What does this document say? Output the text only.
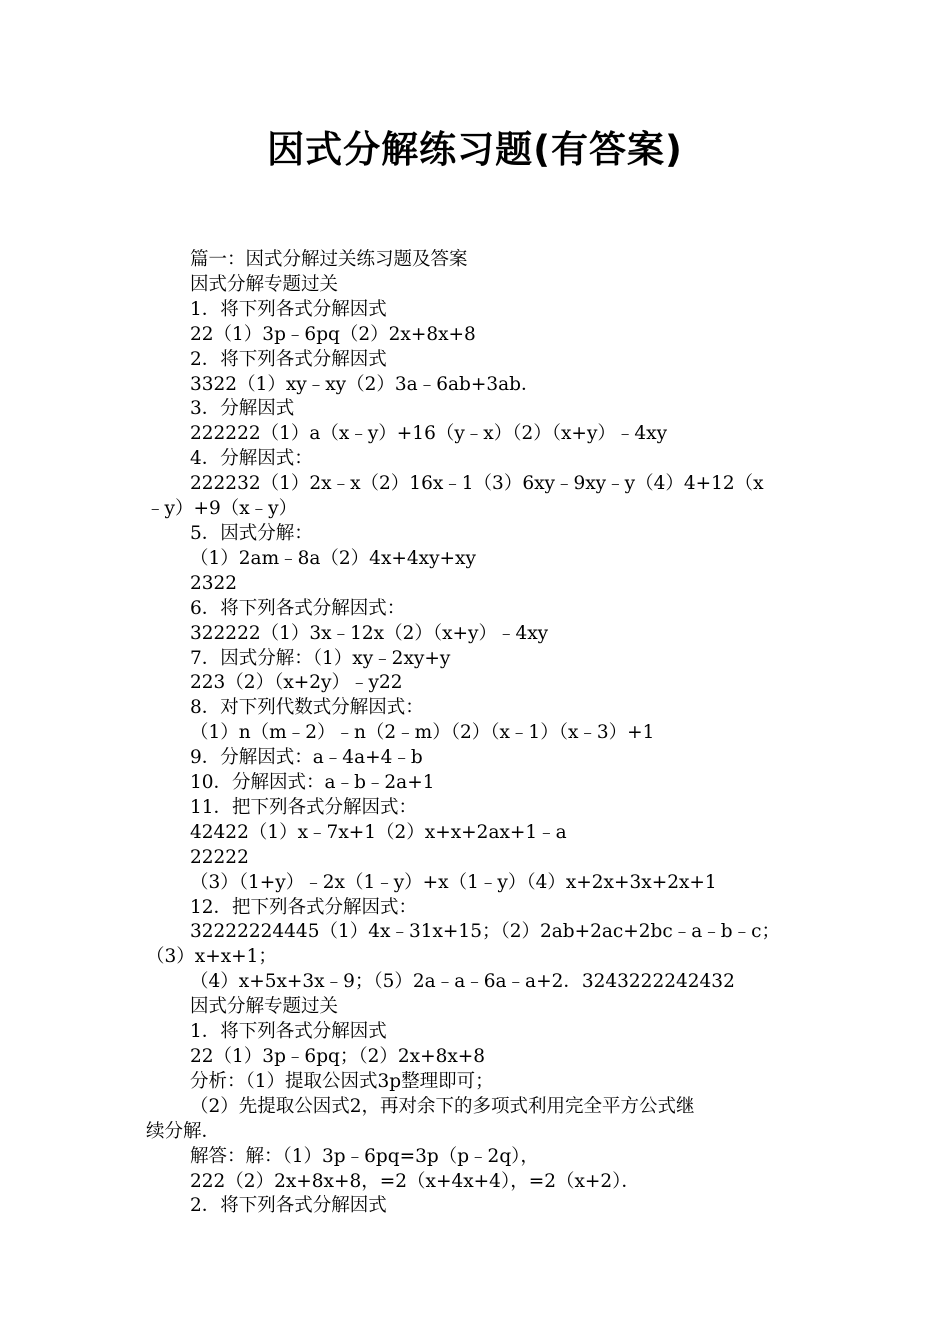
因式分解练习题(有答案)
篇一：因式分解过关练习题及答案
因式分解专题过关
1．将下列各式分解因式
22（1）3p﹣6pq（2）2x+8x+8
2．将下列各式分解因式
3322（1）xy﹣xy（2）3a﹣6ab+3ab．
3．分解因式
222222（1）a（x﹣y）+16（y﹣x）（2）（x+y）﹣4xy
4．分解因式：
222232（1）2x﹣x（2）16x﹣1（3）6xy﹣9xy﹣y（4）4+12（x
﹣y）+9（x﹣y）
5．因式分解：
（1）2am﹣8a（2）4x+4xy+xy
2322
6．将下列各式分解因式：
322222（1）3x﹣12x（2）（x+y）﹣4xy
7．因式分解：（1）xy﹣2xy+y
223（2）（x+2y）﹣y22
8．对下列代数式分解因式：
（1）n（m﹣2）﹣n（2﹣m）（2）（x﹣1）（x﹣3）+1
9．分解因式：a﹣4a+4﹣b
10．分解因式：a﹣b﹣2a+1
11．把下列各式分解因式：
42422（1）x﹣7x+1（2）x+x+2ax+1﹣a
22222
（3）（1+y）﹣2x（1﹣y）+x（1﹣y）（4）x+2x+3x+2x+1
12．把下列各式分解因式：
32222224445（1）4x﹣31x+15；（2）2ab+2ac+2bc﹣a﹣b﹣c；
（3）x+x+1；
（4）x+5x+3x﹣9；（5）2a﹣a﹣6a﹣a+2．3243222242432
因式分解专题过关
1．将下列各式分解因式
22（1）3p﹣6pq；（2）2x+8x+8
分析：（1）提取公因式3p整理即可；
（2）先提取公因式2，再对余下的多项式利用完全平方公式继
续分解．
解答：解：（1）3p﹣6pq=3p（p﹣2q），
222（2）2x+8x+8，=2（x+4x+4），=2（x+2）．
2．将下列各式分解因式
